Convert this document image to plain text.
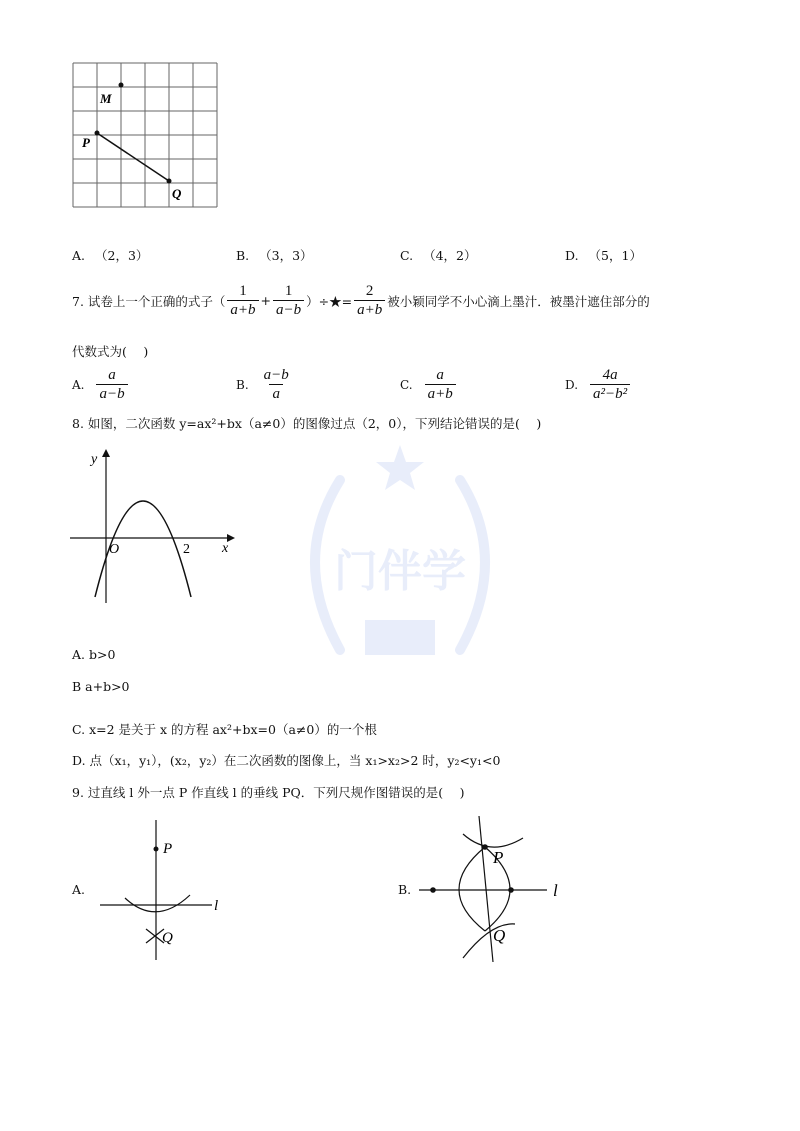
门伴学
M
P
Q
A. （2，3）	B. （3，3）	C. （4，2）	D. （5，1）
7. 试卷上一个正确的式子（ $\frac{1}{a+b} + \frac{1}{a-b}$ ）÷★= $\frac{2}{a+b}$ 被小颖同学不小心滴上墨汁．被墨汁遮住部分的
代数式为(　 )
A. $\frac{a}{a-b}$	B. $\frac{a-b}{a}$	C. $\frac{a}{a+b}$	D. $\frac{4a}{\text{a²−b²}}$
8. 如图，二次函数 y=ax²+bx（a≠0）的图像过点（2，0），下列结论错误的是(　 )
y
x
O	2
A. b>0
B a+b>0
C. x=2 是关于 x 的方程 ax²+bx=0（a≠0）的一个根
D. 点（x₁，y₁），(x₂，y₂）在二次函数的图像上，当 x₁>x₂>2 时，y₂<y₁<0
9. 过直线 l 外一点 P 作直线 l 的垂线 PQ．下列尺规作图错误的是(　 )
A.
P
Q
l
B.
P
Q
l
